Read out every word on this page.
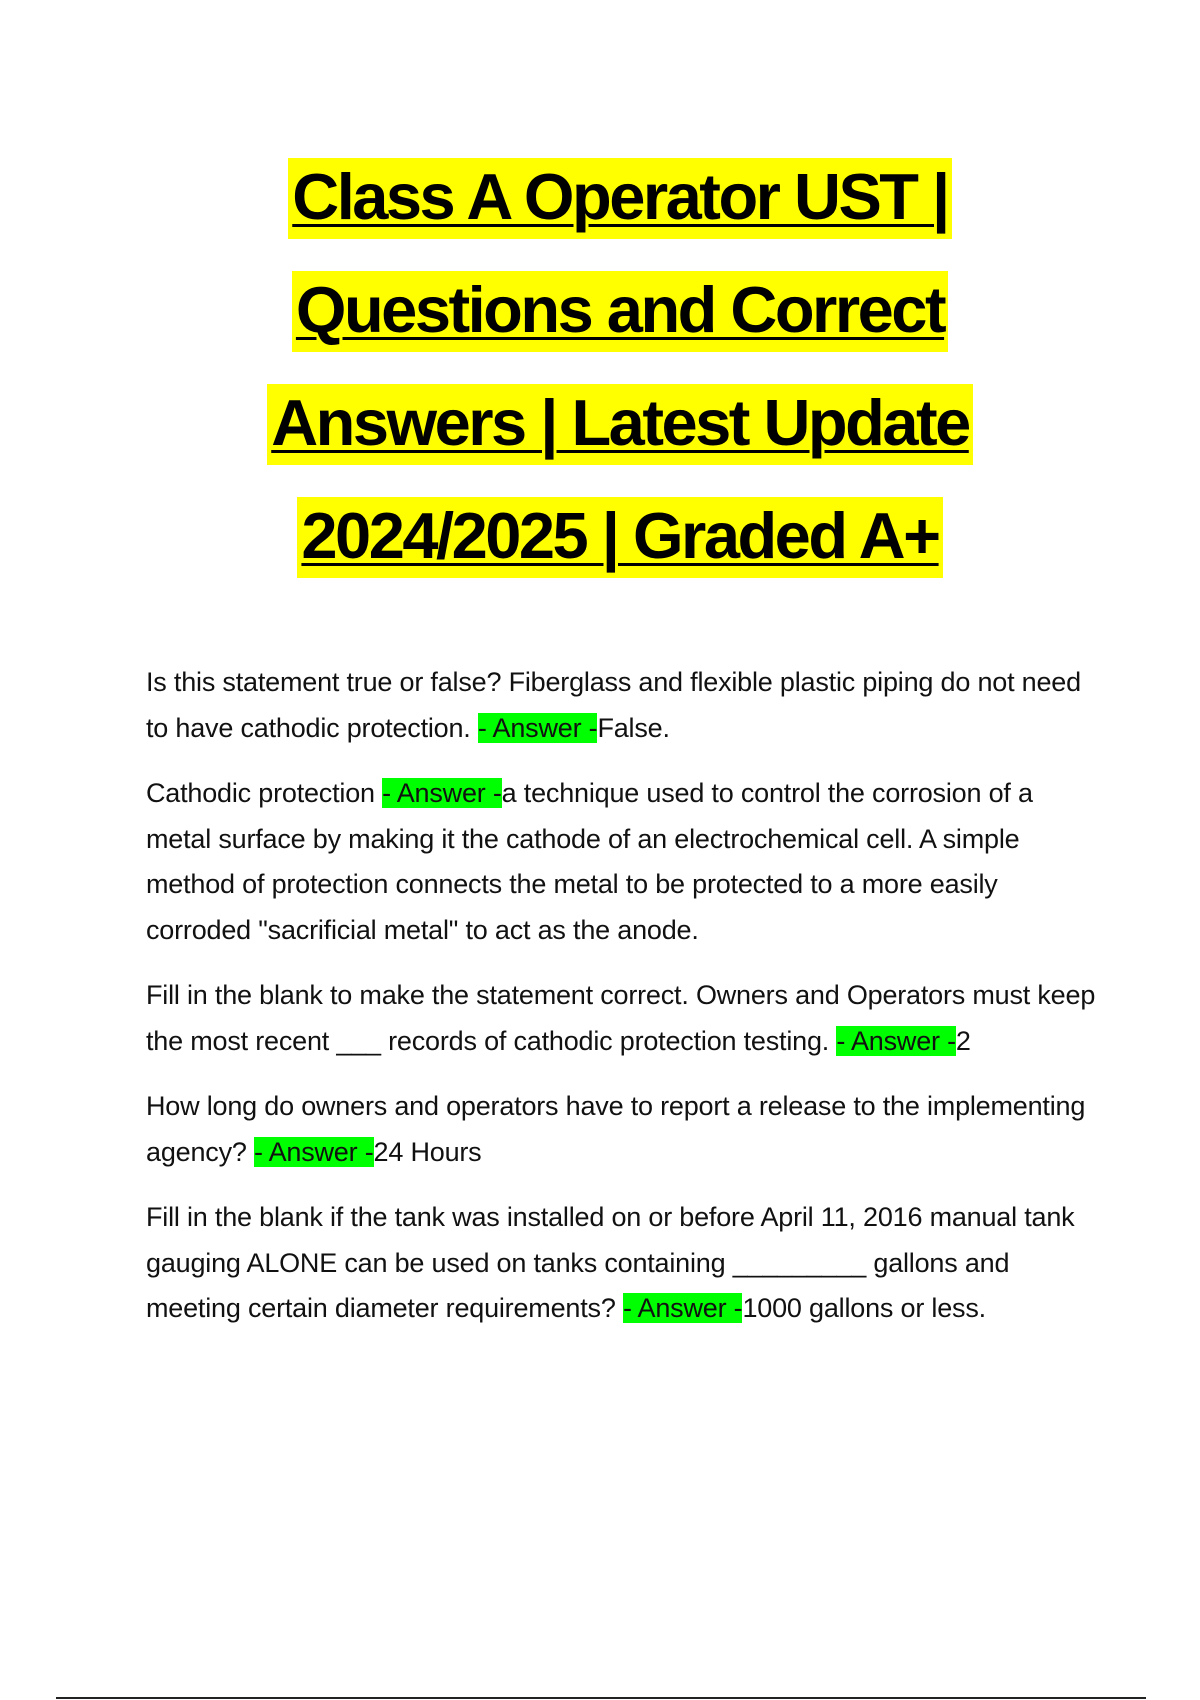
Class A Operator UST |
Questions and Correct
Answers | Latest Update
2024/2025 | Graded A+

Is this statement true or false? Fiberglass and flexible plastic piping do not need to have cathodic protection. - Answer -False.

Cathodic protection - Answer -a technique used to control the corrosion of a metal surface by making it the cathode of an electrochemical cell. A simple method of protection connects the metal to be protected to a more easily corroded "sacrificial metal" to act as the anode.

Fill in the blank to make the statement correct. Owners and Operators must keep the most recent ___ records of cathodic protection testing. - Answer -2

How long do owners and operators have to report a release to the implementing agency? - Answer -24 Hours

Fill in the blank if the tank was installed on or before April 11, 2016 manual tank gauging ALONE can be used on tanks containing _________ gallons and meeting certain diameter requirements? - Answer -1000 gallons or less.
